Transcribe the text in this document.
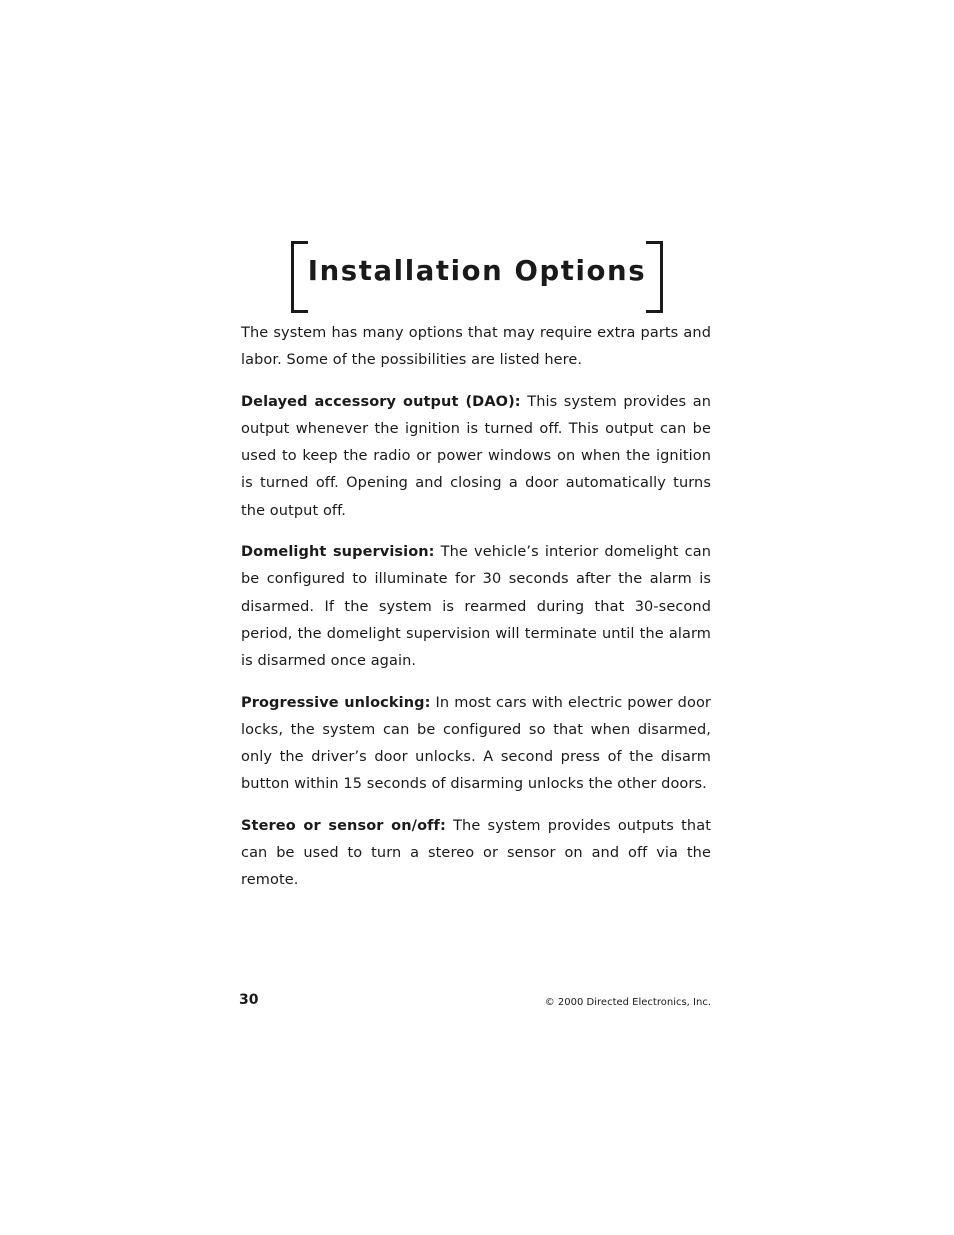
Installation Options

The system has many options that may require extra parts and labor. Some of the possibilities are listed here.

Delayed accessory output (DAO): This system provides an output whenever the ignition is turned off. This output can be used to keep the radio or power windows on when the ignition is turned off. Opening and closing a door automatically turns the output off.

Domelight supervision: The vehicle’s interior domelight can be configured to illuminate for 30 seconds after the alarm is disarmed. If the system is rearmed during that 30-second period, the domelight supervision will terminate until the alarm is disarmed once again.

Progressive unlocking: In most cars with electric power door locks, the system can be configured so that when disarmed, only the driver’s door unlocks. A second press of the disarm button within 15 seconds of disarming unlocks the other doors.

Stereo or sensor on/off: The system provides outputs that can be used to turn a stereo or sensor on and off via the remote.

30	© 2000 Directed Electronics, Inc.
